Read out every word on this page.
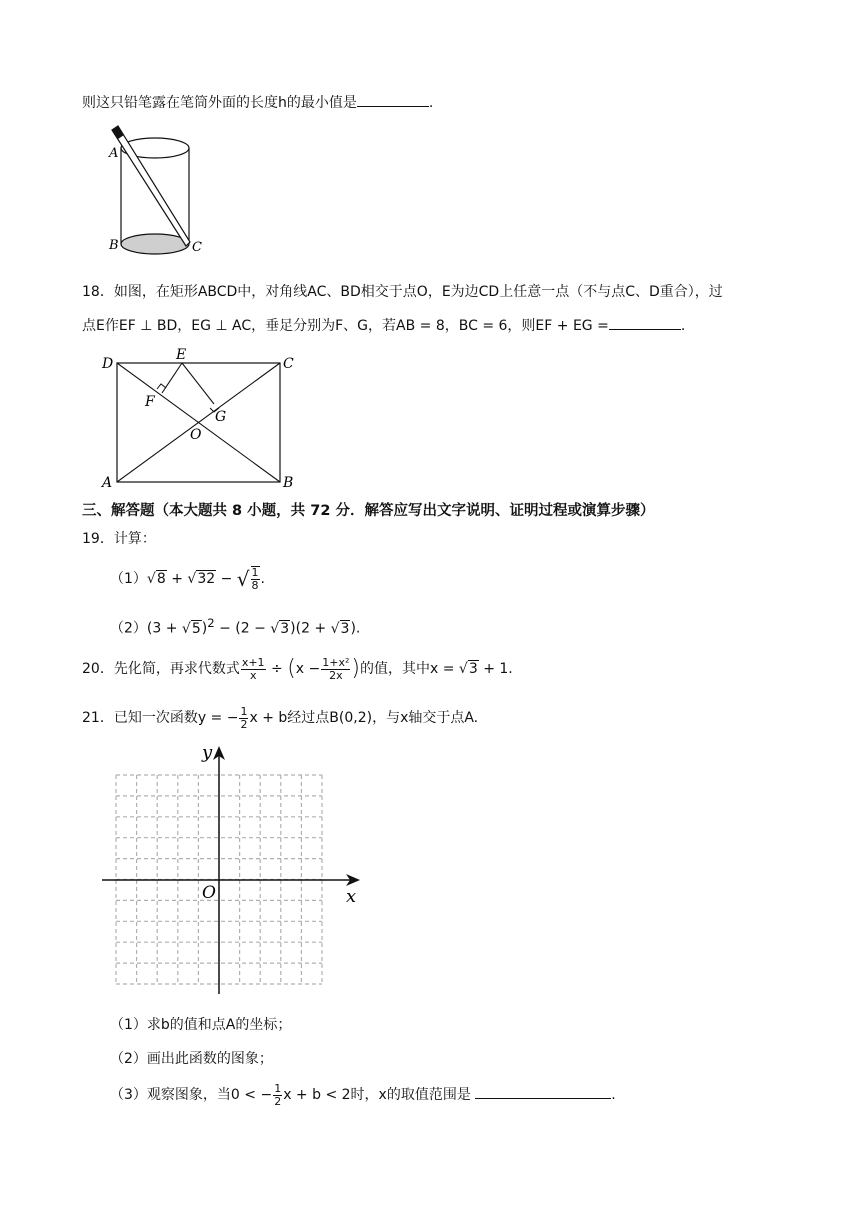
则这只铅笔露在笔筒外面的长度h的最小值是	.
A
B	C
18．如图，在矩形ABCD中，对角线AC、BD相交于点O，E为边CD上任意一点（不与点C、D重合），过
点E作EF ⊥ BD，EG ⊥ AC，垂足分别为F、G，若AB = 8，BC = 6，则EF + EG =	.
D
E
C
F
G
O
A	B
三、解答题（本大题共 8 小题，共 72 分．解答应写出文字说明、证明过程或演算步骤）
19．计算：
（1）√8 + √32 − √ $\frac{1}{8}$ .
$(2)(3 + √5)^2 - (2 - √3)(2 + √3)$.
20．先化简，再求代数式 $\frac{x+1}{x} \div (x - \frac{\text{1+x²}}{2x}$ )的值，其中x = √3 + 1.
21．已知一次函数y = − $\frac{1}{2}$ x + b经过点B(0,2)，与x轴交于点A.
x
y
O
（1）求b的值和点A的坐标；
（2）画出此函数的图象；
（3）观察图象，当0 < − $\frac{1}{2}$ x + b < 2时，x的取值范围是	.
